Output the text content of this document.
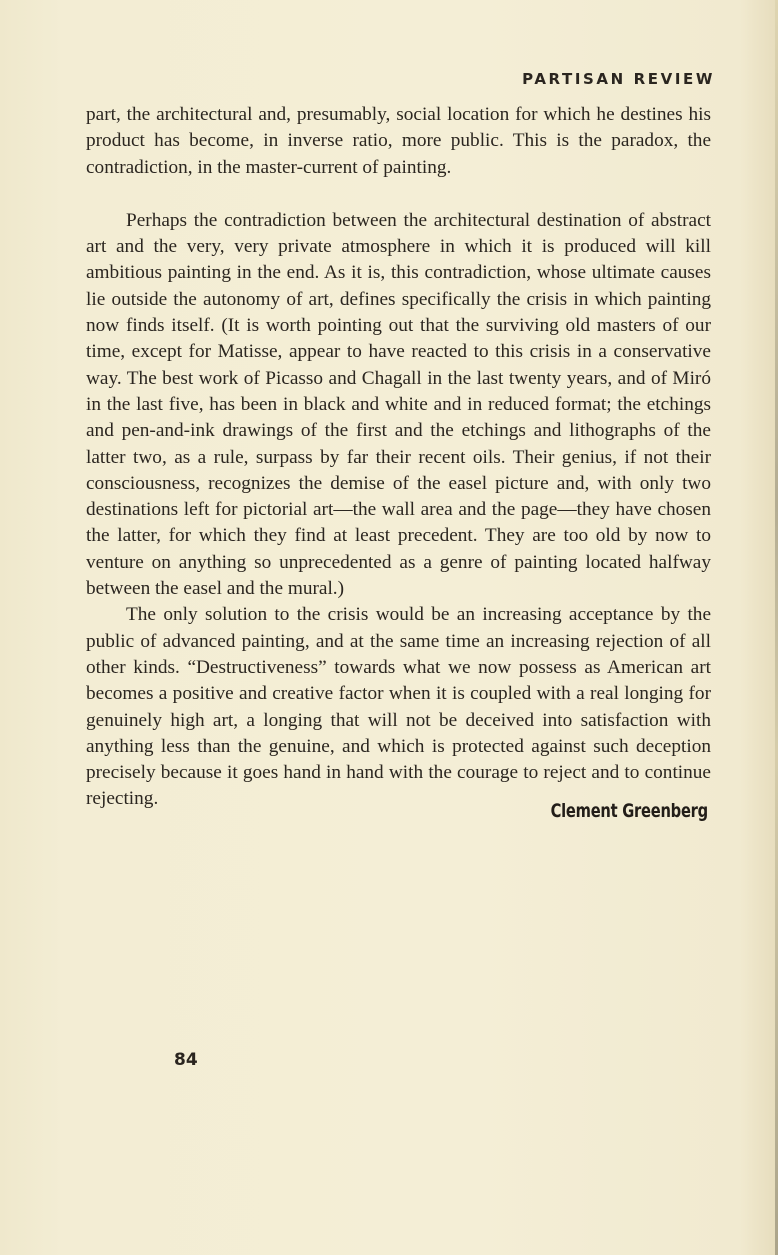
PARTISAN REVIEW

part, the architectural and, presumably, social location for which he destines his product has become, in inverse ratio, more public. This is the paradox, the contradiction, in the master-current of painting.

Perhaps the contradiction between the architectural destination of abstract art and the very, very private atmosphere in which it is produced will kill ambitious painting in the end. As it is, this contradiction, whose ultimate causes lie outside the autonomy of art, defines specifically the crisis in which painting now finds itself. (It is worth pointing out that the surviving old masters of our time, except for Matisse, appear to have reacted to this crisis in a conservative way. The best work of Picasso and Chagall in the last twenty years, and of Miró in the last five, has been in black and white and in reduced format; the etchings and pen-and-ink drawings of the first and the etchings and lithographs of the latter two, as a rule, surpass by far their recent oils. Their genius, if not their consciousness, recognizes the demise of the easel picture and, with only two destinations left for pictorial art—the wall area and the page—they have chosen the latter, for which they find at least precedent. They are too old by now to venture on anything so unprecedented as a genre of painting located halfway between the easel and the mural.)

The only solution to the crisis would be an increasing acceptance by the public of advanced painting, and at the same time an increasing rejection of all other kinds. “Destructiveness” towards what we now possess as American art becomes a positive and creative factor when it is coupled with a real longing for genuinely high art, a longing that will not be deceived into satisfaction with anything less than the genuine, and which is protected against such deception precisely because it goes hand in hand with the courage to reject and to continue rejecting.

Clement Greenberg
84
